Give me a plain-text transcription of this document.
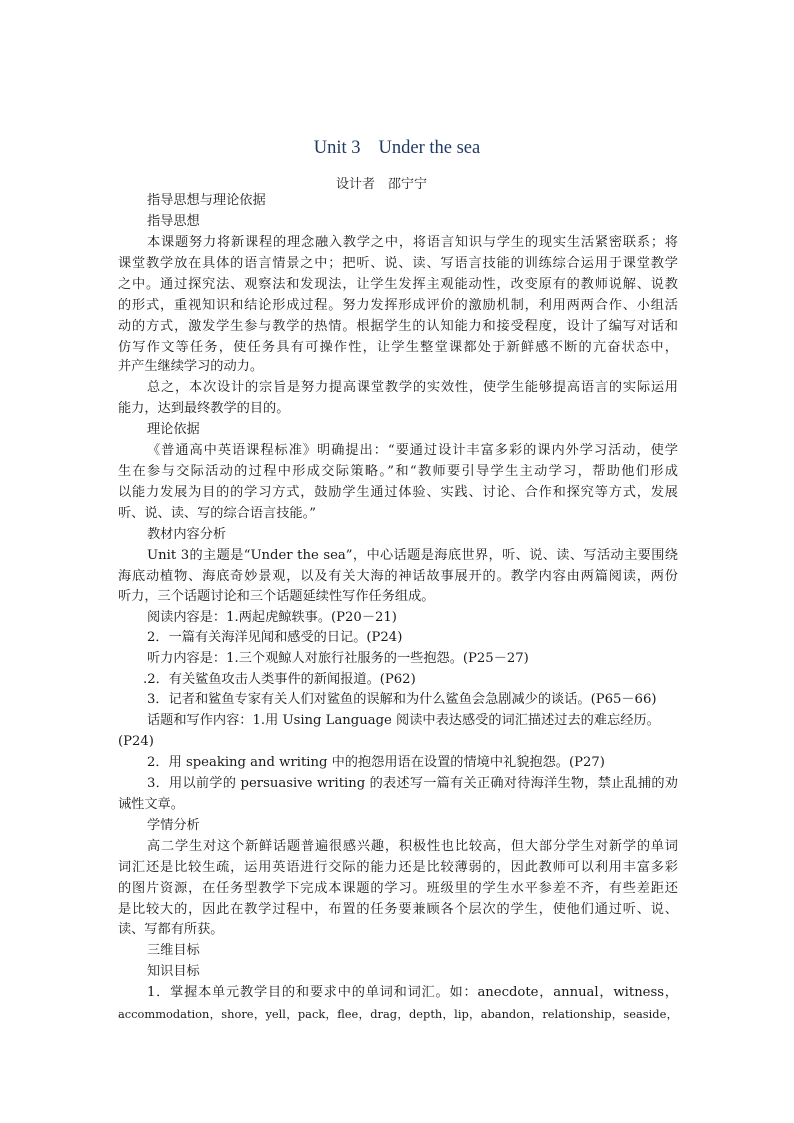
Unit 3 Under the sea
设计者　邵宁宁
指导思想与理论依据
指导思想
本课题努力将新课程的理念融入教学之中，将语言知识与学生的现实生活紧密联系；将
课堂教学放在具体的语言情景之中；把听、说、读、写语言技能的训练综合运用于课堂教学
之中。通过探究法、观察法和发现法，让学生发挥主观能动性，改变原有的教师说解、说教
的形式，重视知识和结论形成过程。努力发挥形成评价的激励机制，利用两两合作、小组活
动的方式，激发学生参与教学的热情。根据学生的认知能力和接受程度，设计了编写对话和
仿写作文等任务，使任务具有可操作性，让学生整堂课都处于新鲜感不断的亢奋状态中，
并产生继续学习的动力。
总之，本次设计的宗旨是努力提高课堂教学的实效性，使学生能够提高语言的实际运用
能力，达到最终教学的目的。
理论依据
《普通高中英语课程标准》明确提出：“要通过设计丰富多彩的课内外学习活动，使学
生在参与交际活动的过程中形成交际策略。”和“教师要引导学生主动学习，帮助他们形成
以能力发展为目的的学习方式，鼓励学生通过体验、实践、讨论、合作和探究等方式，发展
听、说、读、写的综合语言技能。”
教材内容分析
Unit 3的主题是“Under the sea”，中心话题是海底世界，听、说、读、写活动主要围绕
海底动植物、海底奇妙景观，以及有关大海的神话故事展开的。教学内容由两篇阅读，两份
听力，三个话题讨论和三个话题延续性写作任务组成。
阅读内容是：1.两起虎鲸轶事。(P20－21)
2．一篇有关海洋见闻和感受的日记。(P24)
听力内容是：1.三个观鲸人对旅行社服务的一些抱怨。(P25－27)
.2．有关鲨鱼攻击人类事件的新闻报道。(P62)
3．记者和鲨鱼专家有关人们对鲨鱼的误解和为什么鲨鱼会急剧减少的谈话。(P65－66)
话题和写作内容：1.用 Using Language 阅读中表达感受的词汇描述过去的难忘经历。
(P24)
2．用 speaking and writing 中的抱怨用语在设置的情境中礼貌抱怨。(P27)
3．用以前学的 persuasive writing 的表述写一篇有关正确对待海洋生物，禁止乱捕的劝
诫性文章。
学情分析
高二学生对这个新鲜话题普遍很感兴趣，积极性也比较高，但大部分学生对新学的单词
词汇还是比较生疏，运用英语进行交际的能力还是比较薄弱的，因此教师可以利用丰富多彩
的图片资源，在任务型教学下完成本课题的学习。班级里的学生水平参差不齐，有些差距还
是比较大的，因此在教学过程中，布置的任务要兼顾各个层次的学生，使他们通过听、说、
读、写都有所获。
三维目标
知识目标
1．掌握本单元教学目的和要求中的单词和词汇。如：anecdote，annual，witness，
accommodation，shore，yell，pack，flee，drag，depth，lip，abandon，relationship，seaside，
